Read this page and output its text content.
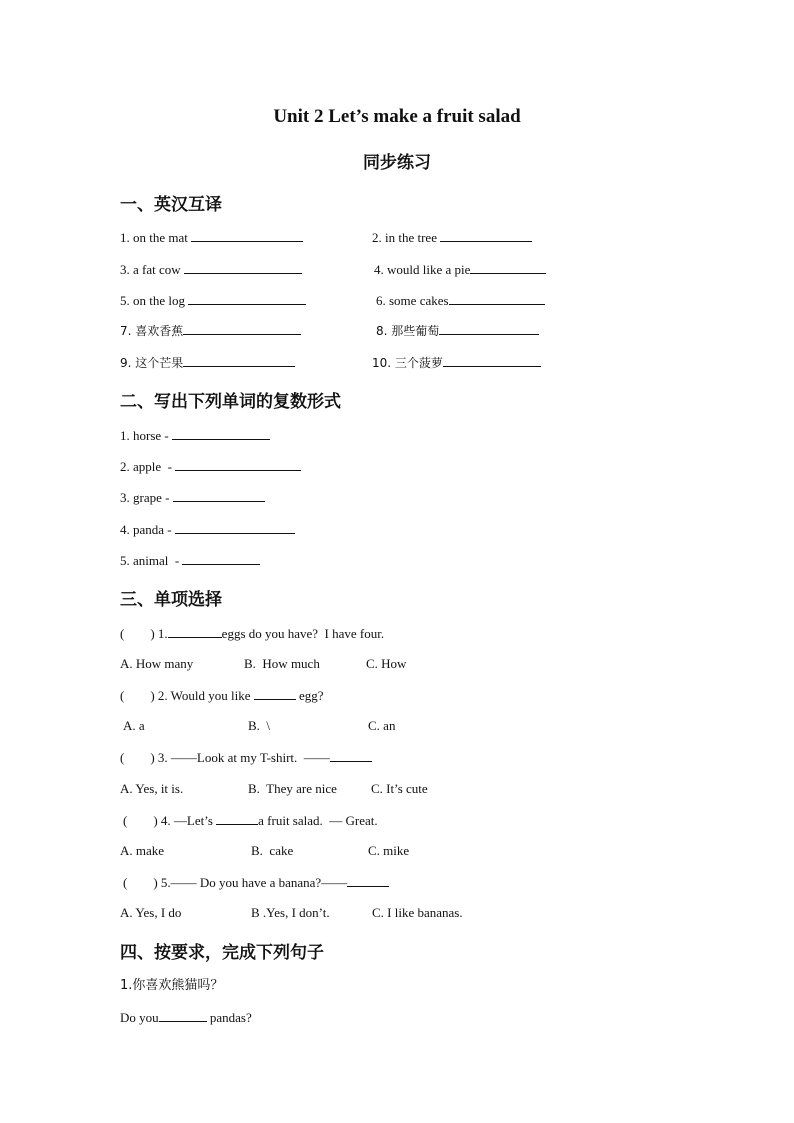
Unit 2 Let’s make a fruit salad
同步练习
一、英汉互译
1. on the mat	2. in the tree
3. a fat cow	4. would like a pie
5. on the log	6. some cakes
7. 喜欢香蕉	8. 那些葡萄
9. 这个芒果	10. 三个菠萝
二、写出下列单词的复数形式
1. horse -
2. apple  -
3. grape -
4. panda -
5. animal  -
三、单项选择
(        ) 1.	eggs do you have?  I have four.
A. How many	B.  How much	C. How
(        ) 2. Would you like	egg?
A. a	B.  \	C. an
(        ) 3. ——Look at my T-shirt.  ——
A. Yes, it is.	B.  They are nice	C. It’s cute
(        ) 4. —Let’s	a fruit salad.  — Great.
A. make	B.  cake	C. mike
(        ) 5.—— Do you have a banana?——
A. Yes, I do	B .Yes, I don’t.	C. I like bananas.
四、按要求，完成下列句子
1.你喜欢熊猫吗？
Do you	pandas?
